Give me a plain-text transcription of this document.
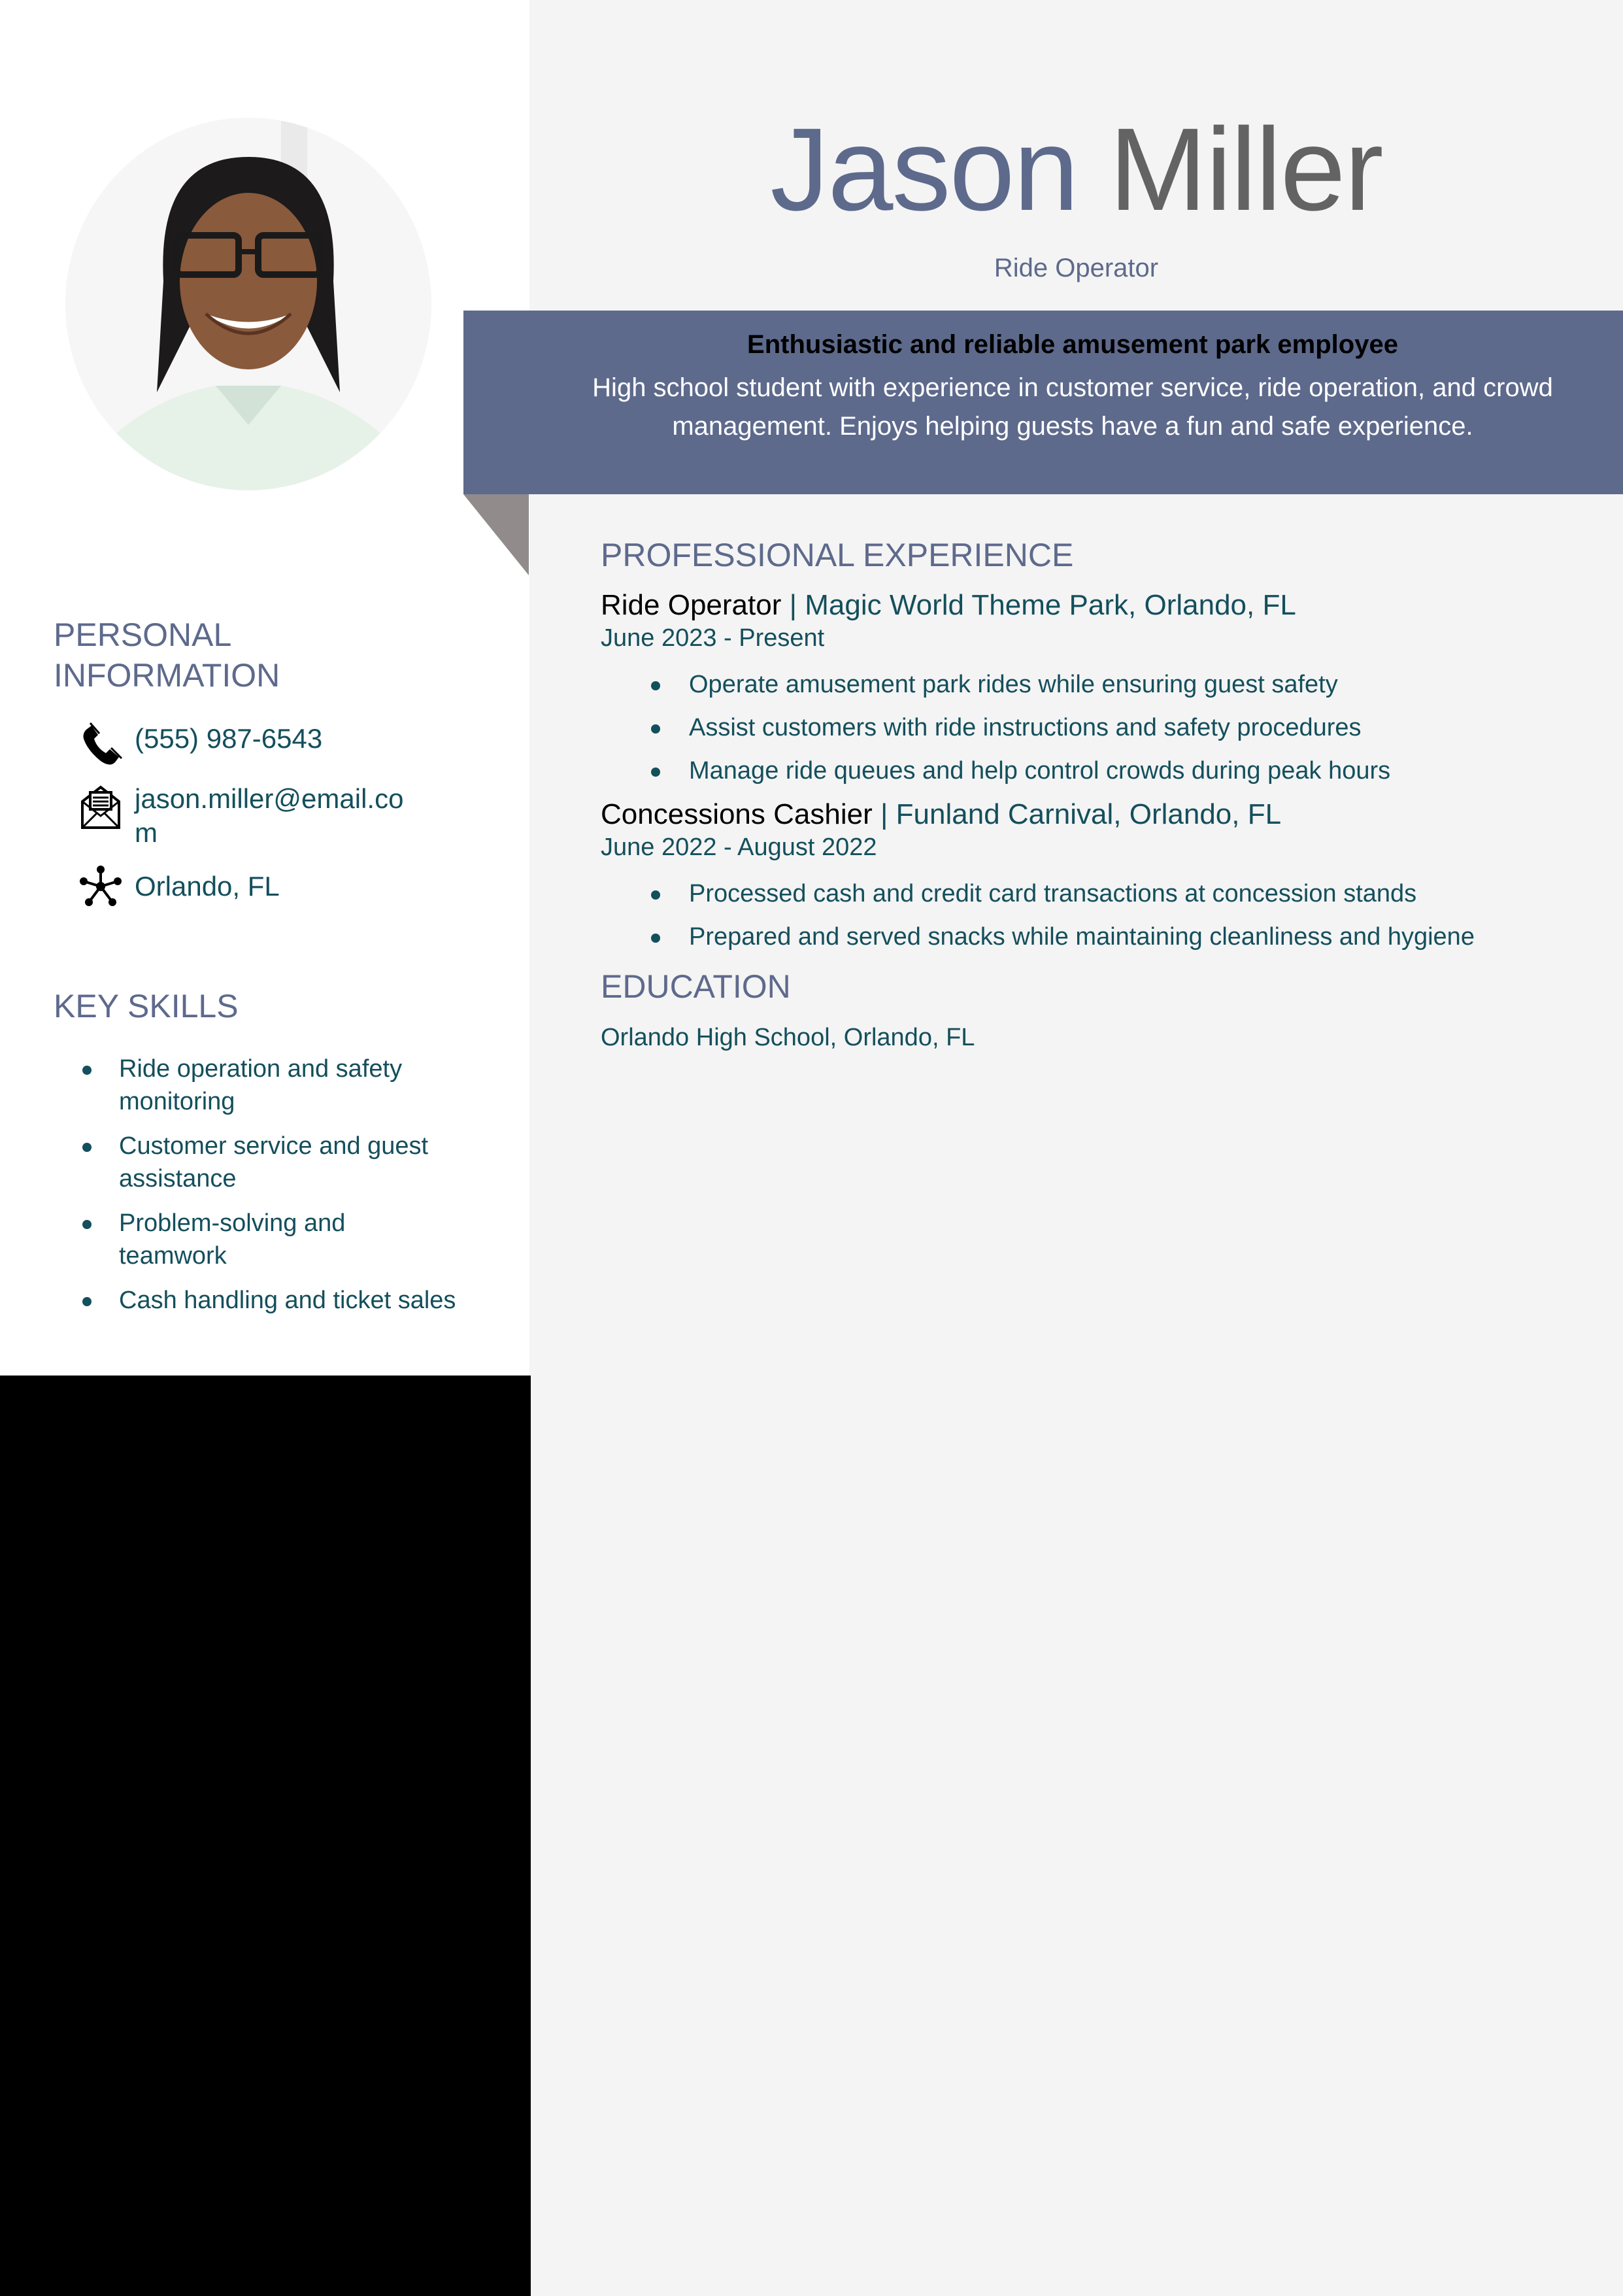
Jason Miller
Ride Operator
Enthusiastic and reliable amusement park employee
High school student with experience in customer service, ride operation, and crowd management. Enjoys helping guests have a fun and safe experience.
PERSONAL INFORMATION
(555) 987-6543
jason.miller@email.com
Orlando, FL
KEY SKILLS
Ride operation and safety monitoring
Customer service and guest assistance
Problem-solving and teamwork
Cash handling and ticket sales
PROFESSIONAL EXPERIENCE
Ride Operator | Magic World Theme Park, Orlando, FL
June 2023 - Present
Operate amusement park rides while ensuring guest safety
Assist customers with ride instructions and safety procedures
Manage ride queues and help control crowds during peak hours
Concessions Cashier | Funland Carnival, Orlando, FL
June 2022 - August 2022
Processed cash and credit card transactions at concession stands
Prepared and served snacks while maintaining cleanliness and hygiene
EDUCATION
Orlando High School, Orlando, FL
